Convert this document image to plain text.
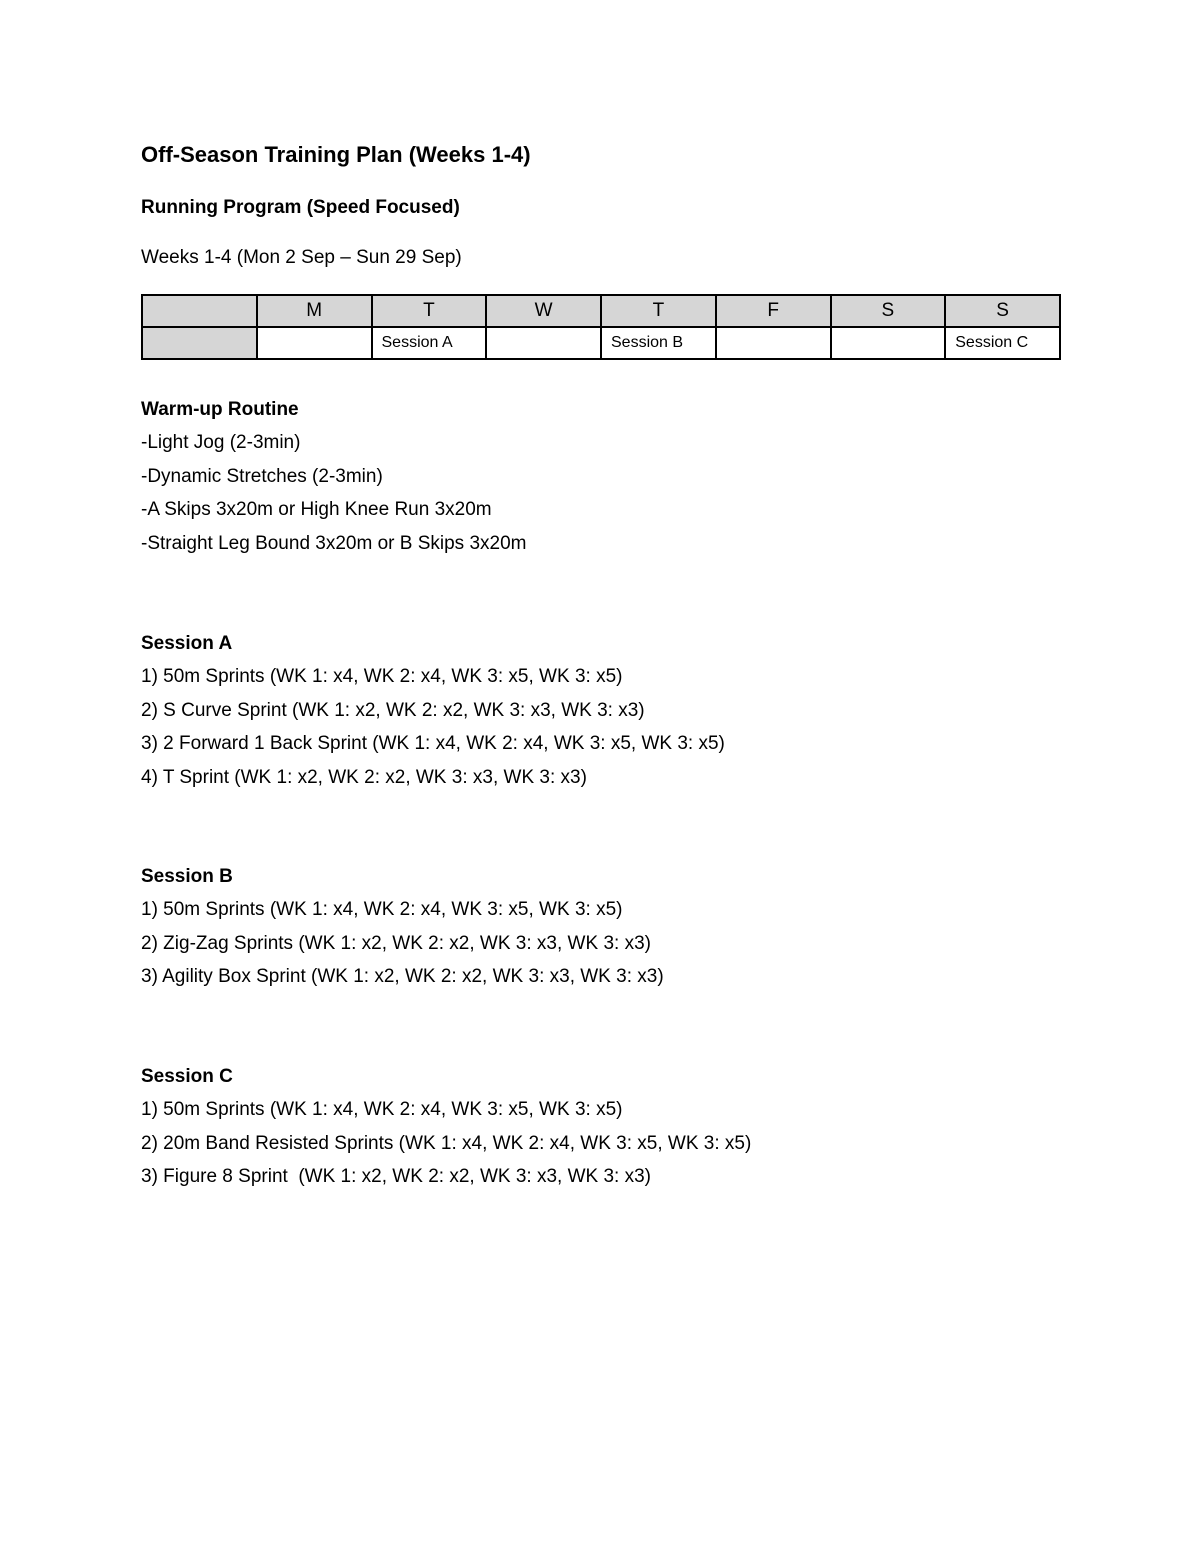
Off-Season Training Plan (Weeks 1-4)
Running Program (Speed Focused)
Weeks 1-4 (Mon 2 Sep – Sun 29 Sep)
	M	T	W	T	F	S	S
		Session A		Session B			Session C
Warm-up Routine
-Light Jog (2-3min)
-Dynamic Stretches (2-3min)
-A Skips 3x20m or High Knee Run 3x20m
-Straight Leg Bound 3x20m or B Skips 3x20m
Session A
1) 50m Sprints (WK 1: x4, WK 2: x4, WK 3: x5, WK 3: x5)
2) S Curve Sprint (WK 1: x2, WK 2: x2, WK 3: x3, WK 3: x3)
3) 2 Forward 1 Back Sprint (WK 1: x4, WK 2: x4, WK 3: x5, WK 3: x5)
4) T Sprint (WK 1: x2, WK 2: x2, WK 3: x3, WK 3: x3)
Session B
1) 50m Sprints (WK 1: x4, WK 2: x4, WK 3: x5, WK 3: x5)
2) Zig-Zag Sprints (WK 1: x2, WK 2: x2, WK 3: x3, WK 3: x3)
3) Agility Box Sprint (WK 1: x2, WK 2: x2, WK 3: x3, WK 3: x3)
Session C
1) 50m Sprints (WK 1: x4, WK 2: x4, WK 3: x5, WK 3: x5)
2) 20m Band Resisted Sprints (WK 1: x4, WK 2: x4, WK 3: x5, WK 3: x5)
3) Figure 8 Sprint  (WK 1: x2, WK 2: x2, WK 3: x3, WK 3: x3)
